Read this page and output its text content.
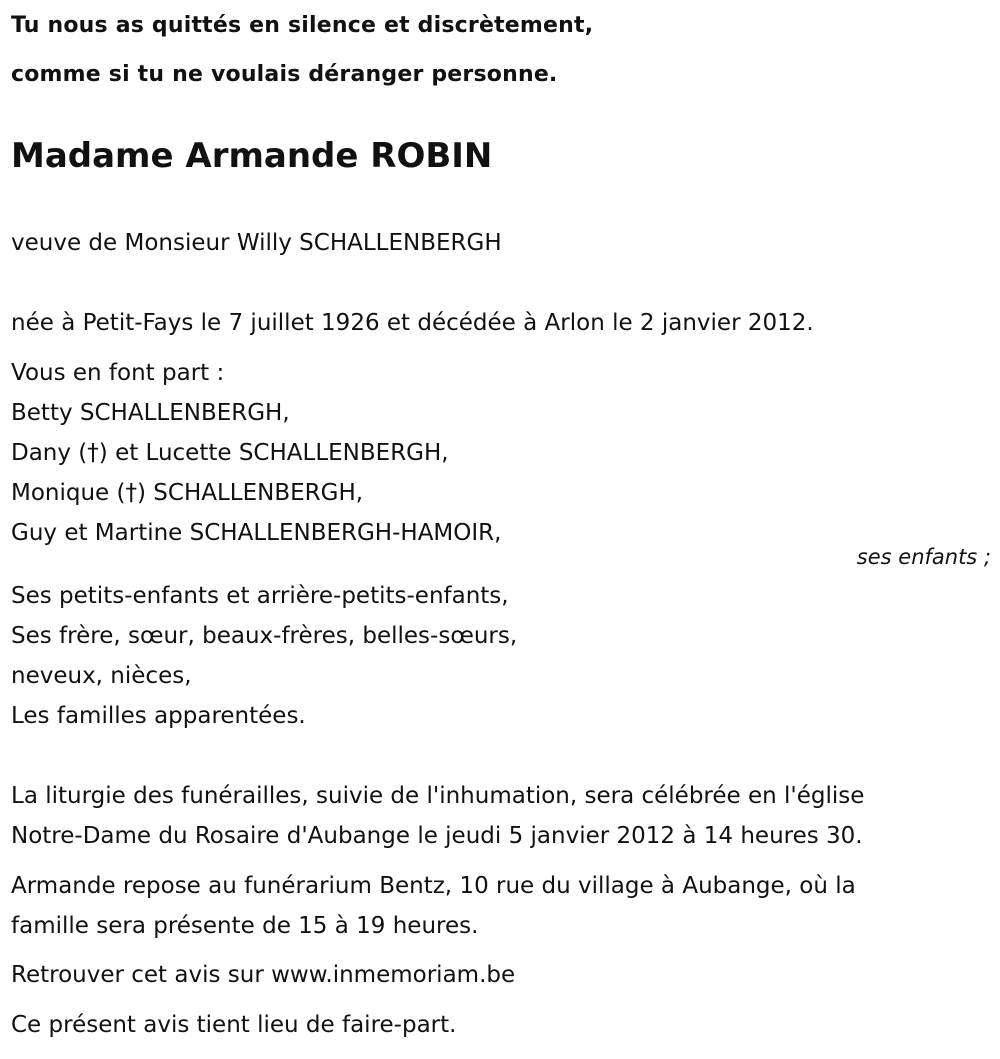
Tu nous as quittés en silence et discrètement,
comme si tu ne voulais déranger personne.
Madame Armande ROBIN
veuve de Monsieur Willy SCHALLENBERGH
née à Petit-Fays le 7 juillet 1926 et décédée à Arlon le 2 janvier 2012.
Vous en font part :
Betty SCHALLENBERGH,
Dany (†) et Lucette SCHALLENBERGH,
Monique (†) SCHALLENBERGH,
Guy et Martine SCHALLENBERGH-HAMOIR,
ses enfants ;
Ses petits-enfants et arrière-petits-enfants,
Ses frère, sœur, beaux-frères, belles-sœurs,
neveux, nièces,
Les familles apparentées.
La liturgie des funérailles, suivie de l'inhumation, sera célébrée en l'église
Notre-Dame du Rosaire d'Aubange le jeudi 5 janvier 2012 à 14 heures 30.
Armande repose au funérarium Bentz, 10 rue du village à Aubange, où la
famille sera présente de 15 à 19 heures.
Retrouver cet avis sur www.inmemoriam.be
Ce présent avis tient lieu de faire-part.
